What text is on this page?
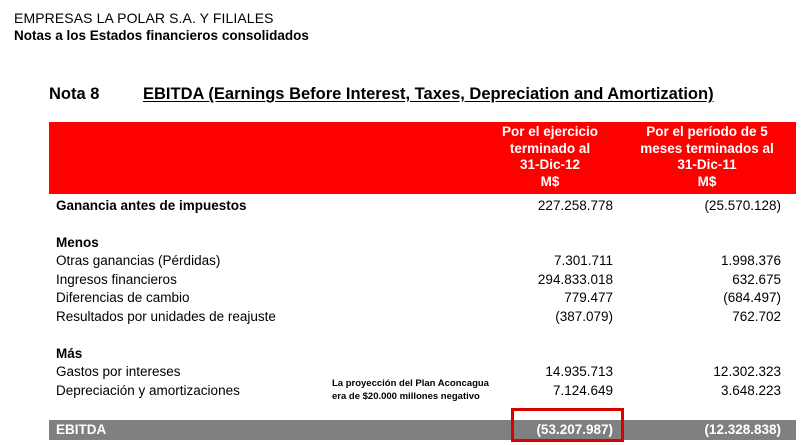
EMPRESAS LA POLAR S.A. Y FILIALES
Notas a los Estados financieros consolidados
Nota 8	EBITDA (Earnings Before Interest, Taxes, Depreciation and Amortization)
Por el ejercicio
terminado al
31-Dic-12
M$
Por el período de 5
meses terminados al
31-Dic-11
M$
Ganancia antes de impuestos	227.258.778	(25.570.128)
Menos
Otras ganancias (Pérdidas)	7.301.711	1.998.376
Ingresos financieros	294.833.018	632.675
Diferencias de cambio	779.477	(684.497)
Resultados por unidades de reajuste	(387.079)	762.702
Más
Gastos por intereses	14.935.713	12.302.323
Depreciación y amortizaciones	7.124.649	3.648.223
La proyección del Plan Aconcagua
era de $20.000 millones negativo
EBITDA	(53.207.987)	(12.328.838)
